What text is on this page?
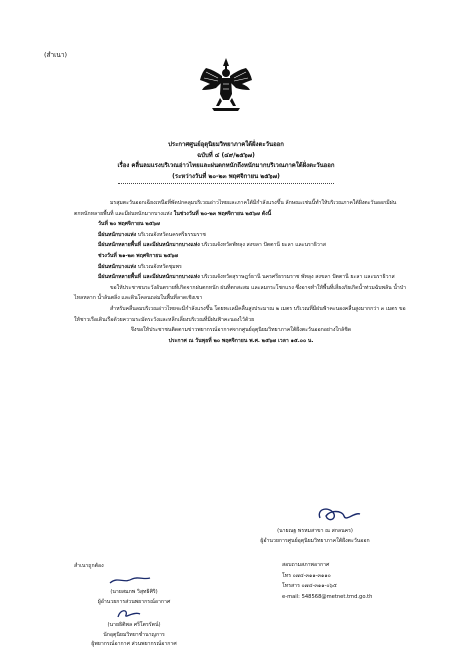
(สำเนา)
ประกาศศูนย์อุตุนิยมวิทยาภาคใต้ฝั่งตะวันออก
ฉบับที่ ๔ (๔๙/๒๕๖๗)
เรื่อง คลื่นลมแรงบริเวณอ่าวไทยและฝนตกหนักถึงหนักมากบริเวณภาคใต้ฝั่งตะวันออก
(ระหว่างวันที่ ๒๐-๒๓ พฤศจิกายน ๒๕๖๗)

มรสุมตะวันออกเฉียงเหนือที่พัดปกคลุมบริเวณอ่าวไทยและภาคใต้มีกำลังแรงขึ้น ลักษณะเช่นนี้ทำให้บริเวณภาคใต้ฝั่งตะวันออกมีฝนตกหนักหลายพื้นที่ และมีฝนหนักมากบางแห่ง ในช่วงวันที่ ๒๐-๒๓ พฤศจิกายน ๒๕๖๗ ดังนี้

วันที่ ๒๐ พฤศจิกายน ๒๕๖๗

มีฝนหนักบางแห่ง บริเวณจังหวัดนครศรีธรรมราช

มีฝนหนักหลายพื้นที่ และมีฝนหนักมากบางแห่ง บริเวณจังหวัดพัทลุง สงขลา ปัตตานี ยะลา และนราธิวาส

ช่วงวันที่ ๒๑-๒๓ พฤศจิกายน ๒๕๖๗

มีฝนหนักบางแห่ง บริเวณจังหวัดชุมพร

มีฝนหนักหลายพื้นที่ และมีฝนหนักมากบางแห่ง บริเวณจังหวัดสุราษฎร์ธานี นครศรีธรรมราช พัทลุง สงขลา ปัตตานี ยะลา และนราธิวาส

ขอให้ประชาชนระวังอันตรายที่เกิดจากฝนตกหนัก ฝนที่ตกสะสม และลมกระโชกแรง ซึ่งอาจทำให้พื้นที่เสี่ยงภัยเกิดน้ำท่วมฉับพลัน น้ำป่าไหลหลาก น้ำล้นตลิ่ง และดินโคลนถล่มในพื้นที่ลาดเชิงเขา

สำหรับคลื่นลมบริเวณอ่าวไทยจะมีกำลังแรงขึ้น โดยทะเลมีคลื่นสูงประมาณ ๒ เมตร บริเวณที่มีฝนฟ้าคะนองคลื่นสูงมากกว่า ๓ เมตร ขอให้ชาวเรือเดินเรือด้วยความระมัดระวังและหลีกเลี่ยงบริเวณที่มีฝนฟ้าคะนองไว้ด้วย

จึงขอให้ประชาชนติดตามข่าวพยากรณ์อากาศจากศูนย์อุตุนิยมวิทยาภาคใต้ฝั่งตะวันออกอย่างใกล้ชิด

ประกาศ ณ วันพุธที่ ๒๐ พฤศจิกายน พ.ศ. ๒๕๖๗ เวลา ๑๕.๐๐ น.

(นายณฐ พรหมสาขา ณ สกลนคร)
ผู้อำนวยการศูนย์อุตุนิยมวิทยาภาคใต้ฝั่งตะวันออก
สำเนาถูกต้อง
(นายสมภพ วิสุทธิศิริ)
ผู้อำนวยการส่วนพยากรณ์อากาศ
(นายธิติพล ศรีโตรรัตน์)
นักอุตุนิยมวิทยาชำนาญการ
ผู้พยากรณ์อากาศ ส่วนพยากรณ์อากาศ
สอบถามสภาพอากาศ
โทร ๐๗๔-๓๑๑-๓๑๑๐
โทรสาร ๐๗๔-๓๑๑-๐๖๕
e-mail: 548568@metnet.tmd.go.th
